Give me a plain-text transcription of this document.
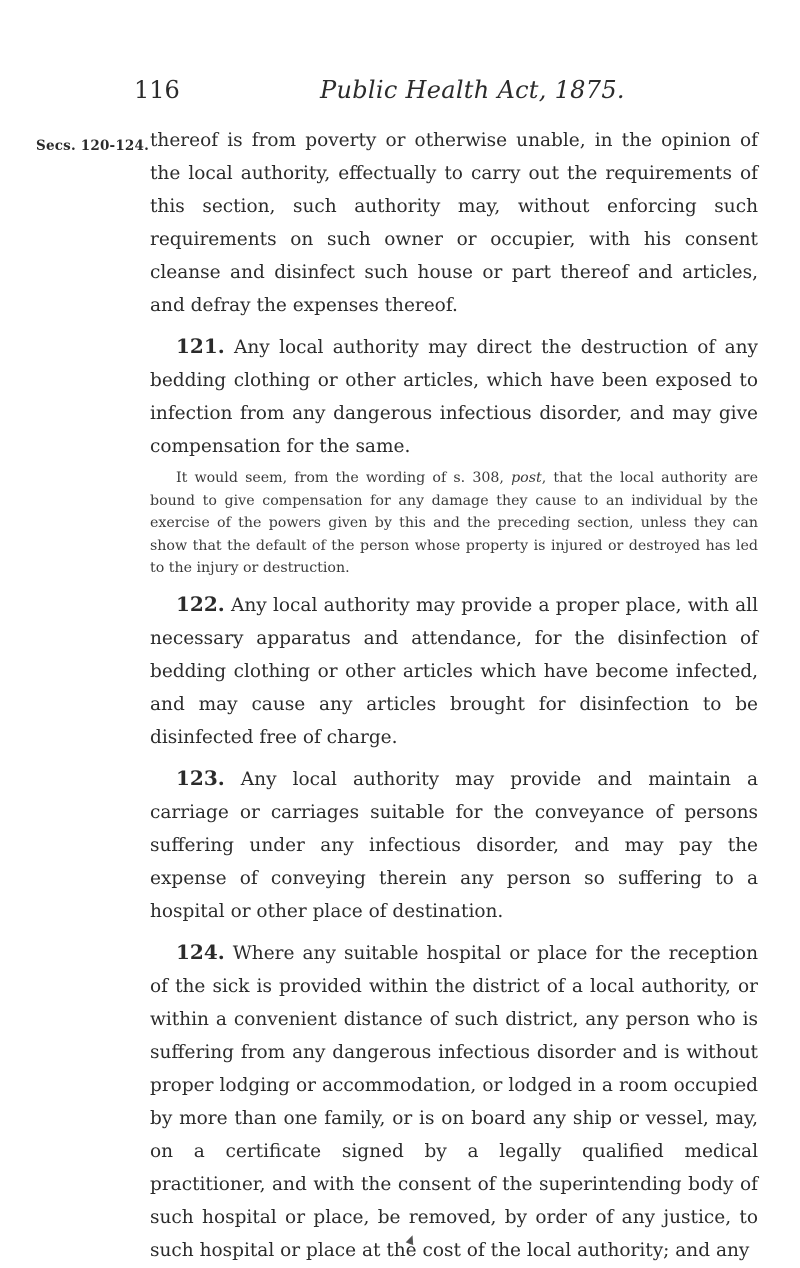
116	Public Health Act, 1875.
Secs. 120-124. thereof is from poverty or otherwise unable, in the opinion of the local authority, effectually to carry out the requirements of this section, such authority may, without enforcing such requirements on such owner or occupier, with his consent cleanse and disinfect such house or part thereof and articles, and defray the expenses thereof.

121. Any local authority may direct the destruction of any bedding clothing or other articles, which have been exposed to infection from any dangerous infectious disorder, and may give compensation for the same.

It would seem, from the wording of s. 308, post, that the local authority are bound to give compensation for any damage they cause to an individual by the exercise of the powers given by this and the preceding section, unless they can show that the default of the person whose property is injured or destroyed has led to the injury or destruction.

122. Any local authority may provide a proper place, with all necessary apparatus and attendance, for the disinfection of bedding clothing or other articles which have become infected, and may cause any articles brought for disinfection to be disinfected free of charge.

123. Any local authority may provide and maintain a carriage or carriages suitable for the conveyance of persons suffering under any infectious disorder, and may pay the expense of conveying therein any person so suffering to a hospital or other place of destination.

124. Where any suitable hospital or place for the reception of the sick is provided within the district of a local authority, or within a convenient distance of such district, any person who is suffering from any dangerous infectious disorder and is without proper lodging or accommodation, or lodged in a room occupied by more than one family, or is on board any ship or vessel, may, on a certificate signed by a legally qualified medical practitioner, and with the consent of the superintending body of such hospital or place, be removed, by order of any justice, to such hospital or place at the cost of the local authority; and any
